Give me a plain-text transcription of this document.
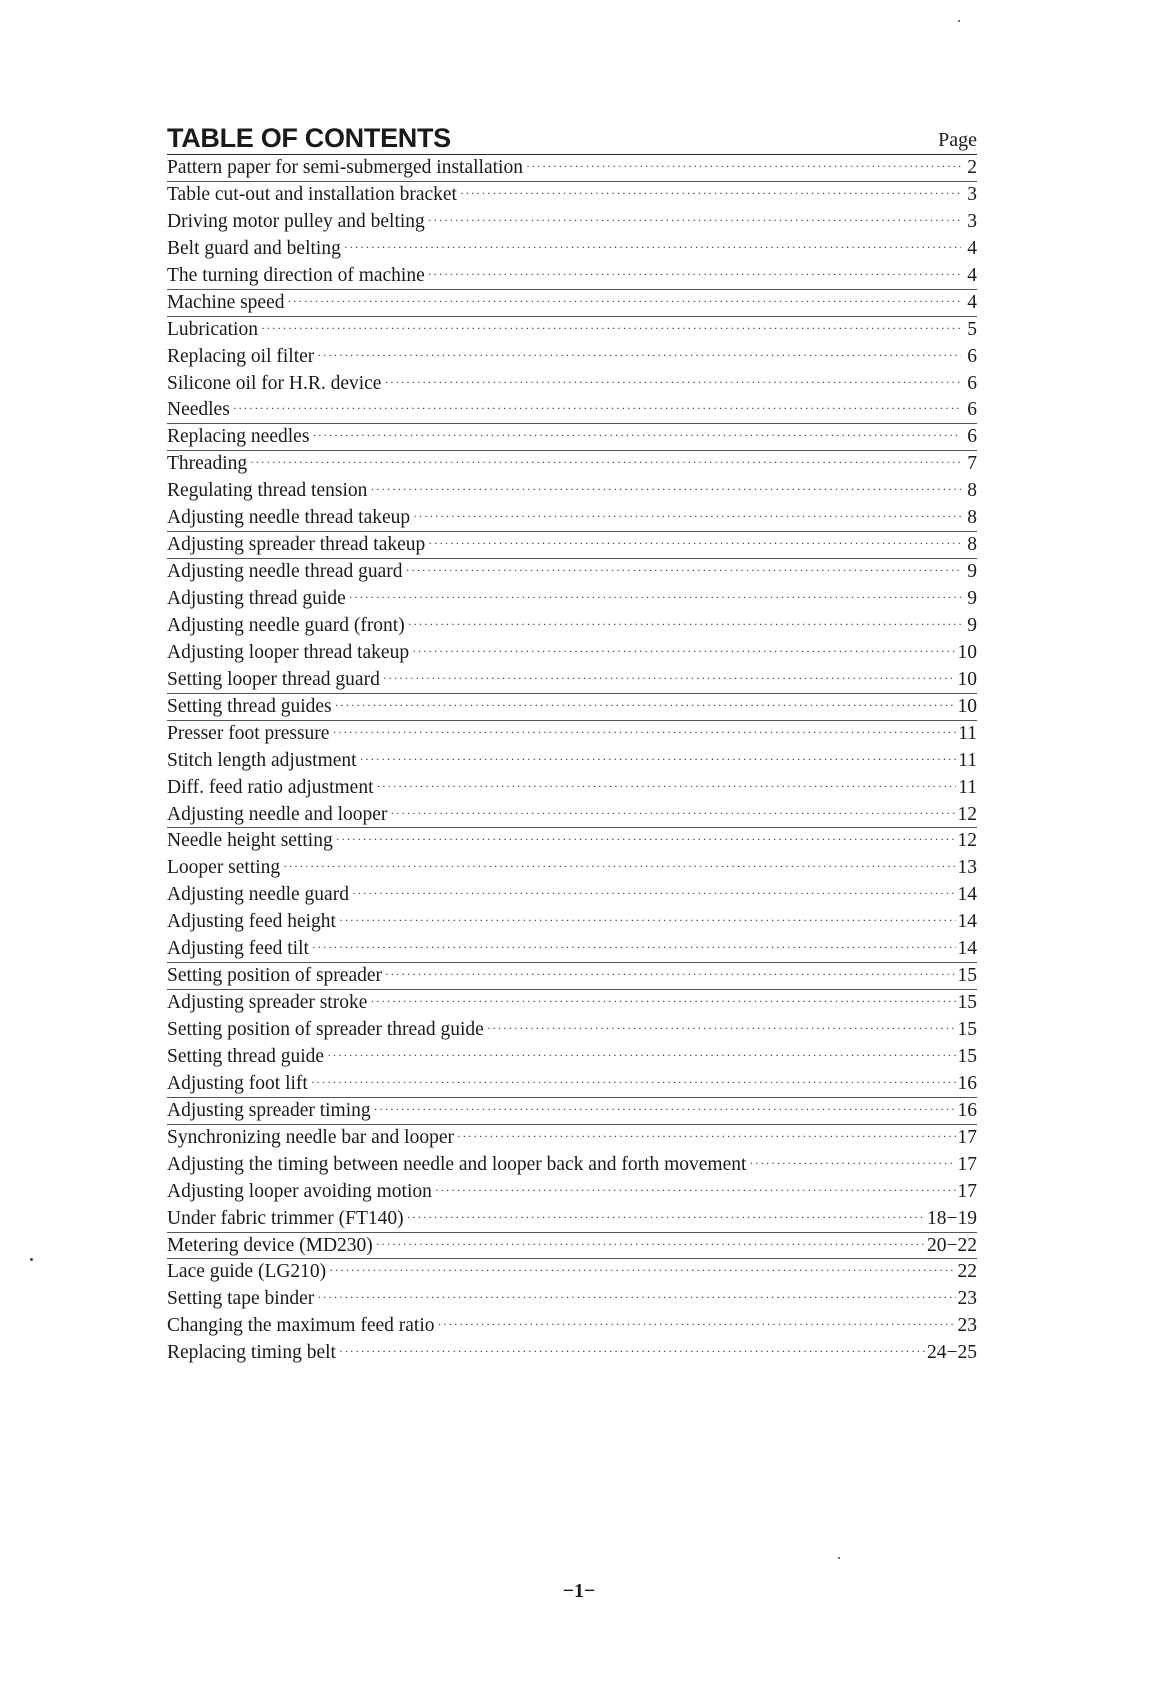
TABLE OF CONTENTS	Page
Pattern paper for semi-submerged installation ·····	2
Table cut-out and installation bracket ·····	3
Driving motor pulley and belting ·····	3
Belt guard and belting ·····	4
The turning direction of machine ·····	4
Machine speed ·····	4
Lubrication ·····	5
Replacing oil filter ·····	6
Silicone oil for H.R. device ·····	6
Needles ·····	6
Replacing needles ·····	6
Threading ·····	7
Regulating thread tension ·····	8
Adjusting needle thread takeup ·····	8
Adjusting spreader thread takeup ·····	8
Adjusting needle thread guard ·····	9
Adjusting thread guide ·····	9
Adjusting needle guard (front) ·····	9
Adjusting looper thread takeup ·····	10
Setting looper thread guard ·····	10
Setting thread guides ·····	10
Presser foot pressure ·····	11
Stitch length adjustment ·····	11
Diff. feed ratio adjustment ·····	11
Adjusting needle and looper ·····	12
Needle height setting ·····	12
Looper setting ·····	13
Adjusting needle guard ·····	14
Adjusting feed height ·····	14
Adjusting feed tilt ·····	14
Setting position of spreader ·····	15
Adjusting spreader stroke ·····	15
Setting position of spreader thread guide ·····	15
Setting thread guide ·····	15
Adjusting foot lift ·····	16
Adjusting spreader timing ·····	16
Synchronizing needle bar and looper ·····	17
Adjusting the timing between needle and looper back and forth movement ·····	17
Adjusting looper avoiding motion ·····	17
Under fabric trimmer (FT140) ·····	18−19
Metering device (MD230) ·····	20−22
Lace guide (LG210) ·····	22
Setting tape binder ·····	23
Changing the maximum feed ratio ·····	23
Replacing timing belt ·····	24−25
−1−
